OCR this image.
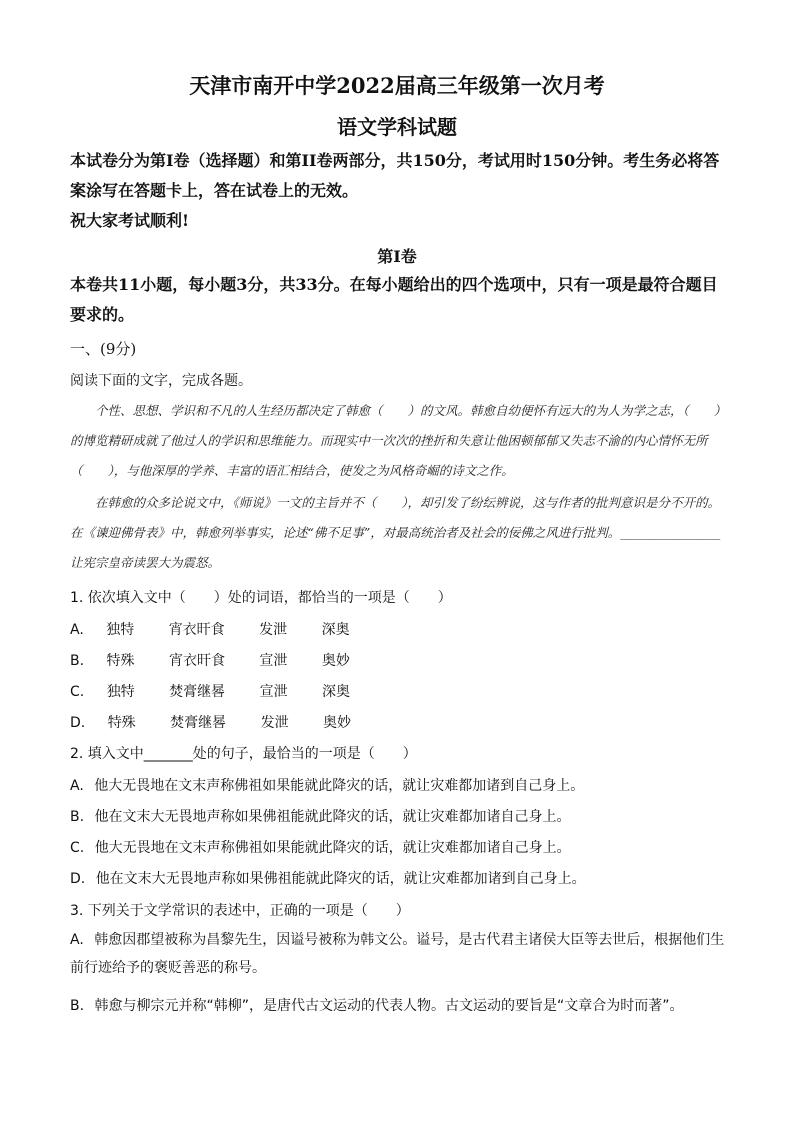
天津市南开中学2022届高三年级第一次月考
语文学科试题
本试卷分为第I卷（选择题）和第II卷两部分，共150分，考试用时150分钟。考生务必将答案涂写在答题卡上，答在试卷上的无效。
祝大家考试顺利!
第I卷
本卷共11小题，每小题3分，共33分。在每小题给出的四个选项中，只有一项是最符合题目要求的。
一、(9分)
阅读下面的文字，完成各题。

个性、思想、学识和不凡的人生经历都决定了韩愈（　　）的文风。韩愈自幼便怀有远大的为人为学之志，（　　）的博览精研成就了他过人的学识和思维能力。而现实中一次次的挫折和失意让他困顿郁郁又失志不渝的内心情怀无所（　　），与他深厚的学养、丰富的语汇相结合，使发之为风格奇崛的诗文之作。

在韩愈的众多论说文中，《师说》一文的主旨并不（　　），却引发了纷纭辨说，这与作者的批判意识是分不开的。在《谏迎佛骨表》中，韩愈列举事实，论述“佛不足事”，对最高统治者及社会的佞佛之风进行批判。________________让宪宗皇帝读罢大为震怒。

1. 依次填入文中（　　）处的词语，都恰当的一项是（　　）
A. 独特 宵衣旰食 发泄 深奥
B. 特殊 宵衣旰食 宣泄 奥妙
C. 独特 焚膏继晷 宣泄 深奥
D. 特殊 焚膏继晷 发泄 奥妙
2. 填入文中_______处的句子，最恰当的一项是（　　）
A. 他大无畏地在文末声称佛祖如果能就此降灾的话，就让灾难都加诸到自己身上。
B. 他在文末大无畏地声称如果佛祖能就此降灾的话，就让灾难都加诸自己身上。
C. 他大无畏地在文末声称佛祖如果能就此降灾的话，就让灾难都加诸自己身上。
D. 他在文末大无畏地声称如果佛祖能就此降灾的话，就让灾难都加诸到自己身上。
3. 下列关于文学常识的表述中，正确的一项是（　　）
A. 韩愈因郡望被称为昌黎先生，因谥号被称为韩文公。谥号，是古代君主诸侯大臣等去世后，根据他们生前行迹给予的褒贬善恶的称号。
B. 韩愈与柳宗元并称“韩柳”，是唐代古文运动的代表人物。古文运动的要旨是“文章合为时而著”。
